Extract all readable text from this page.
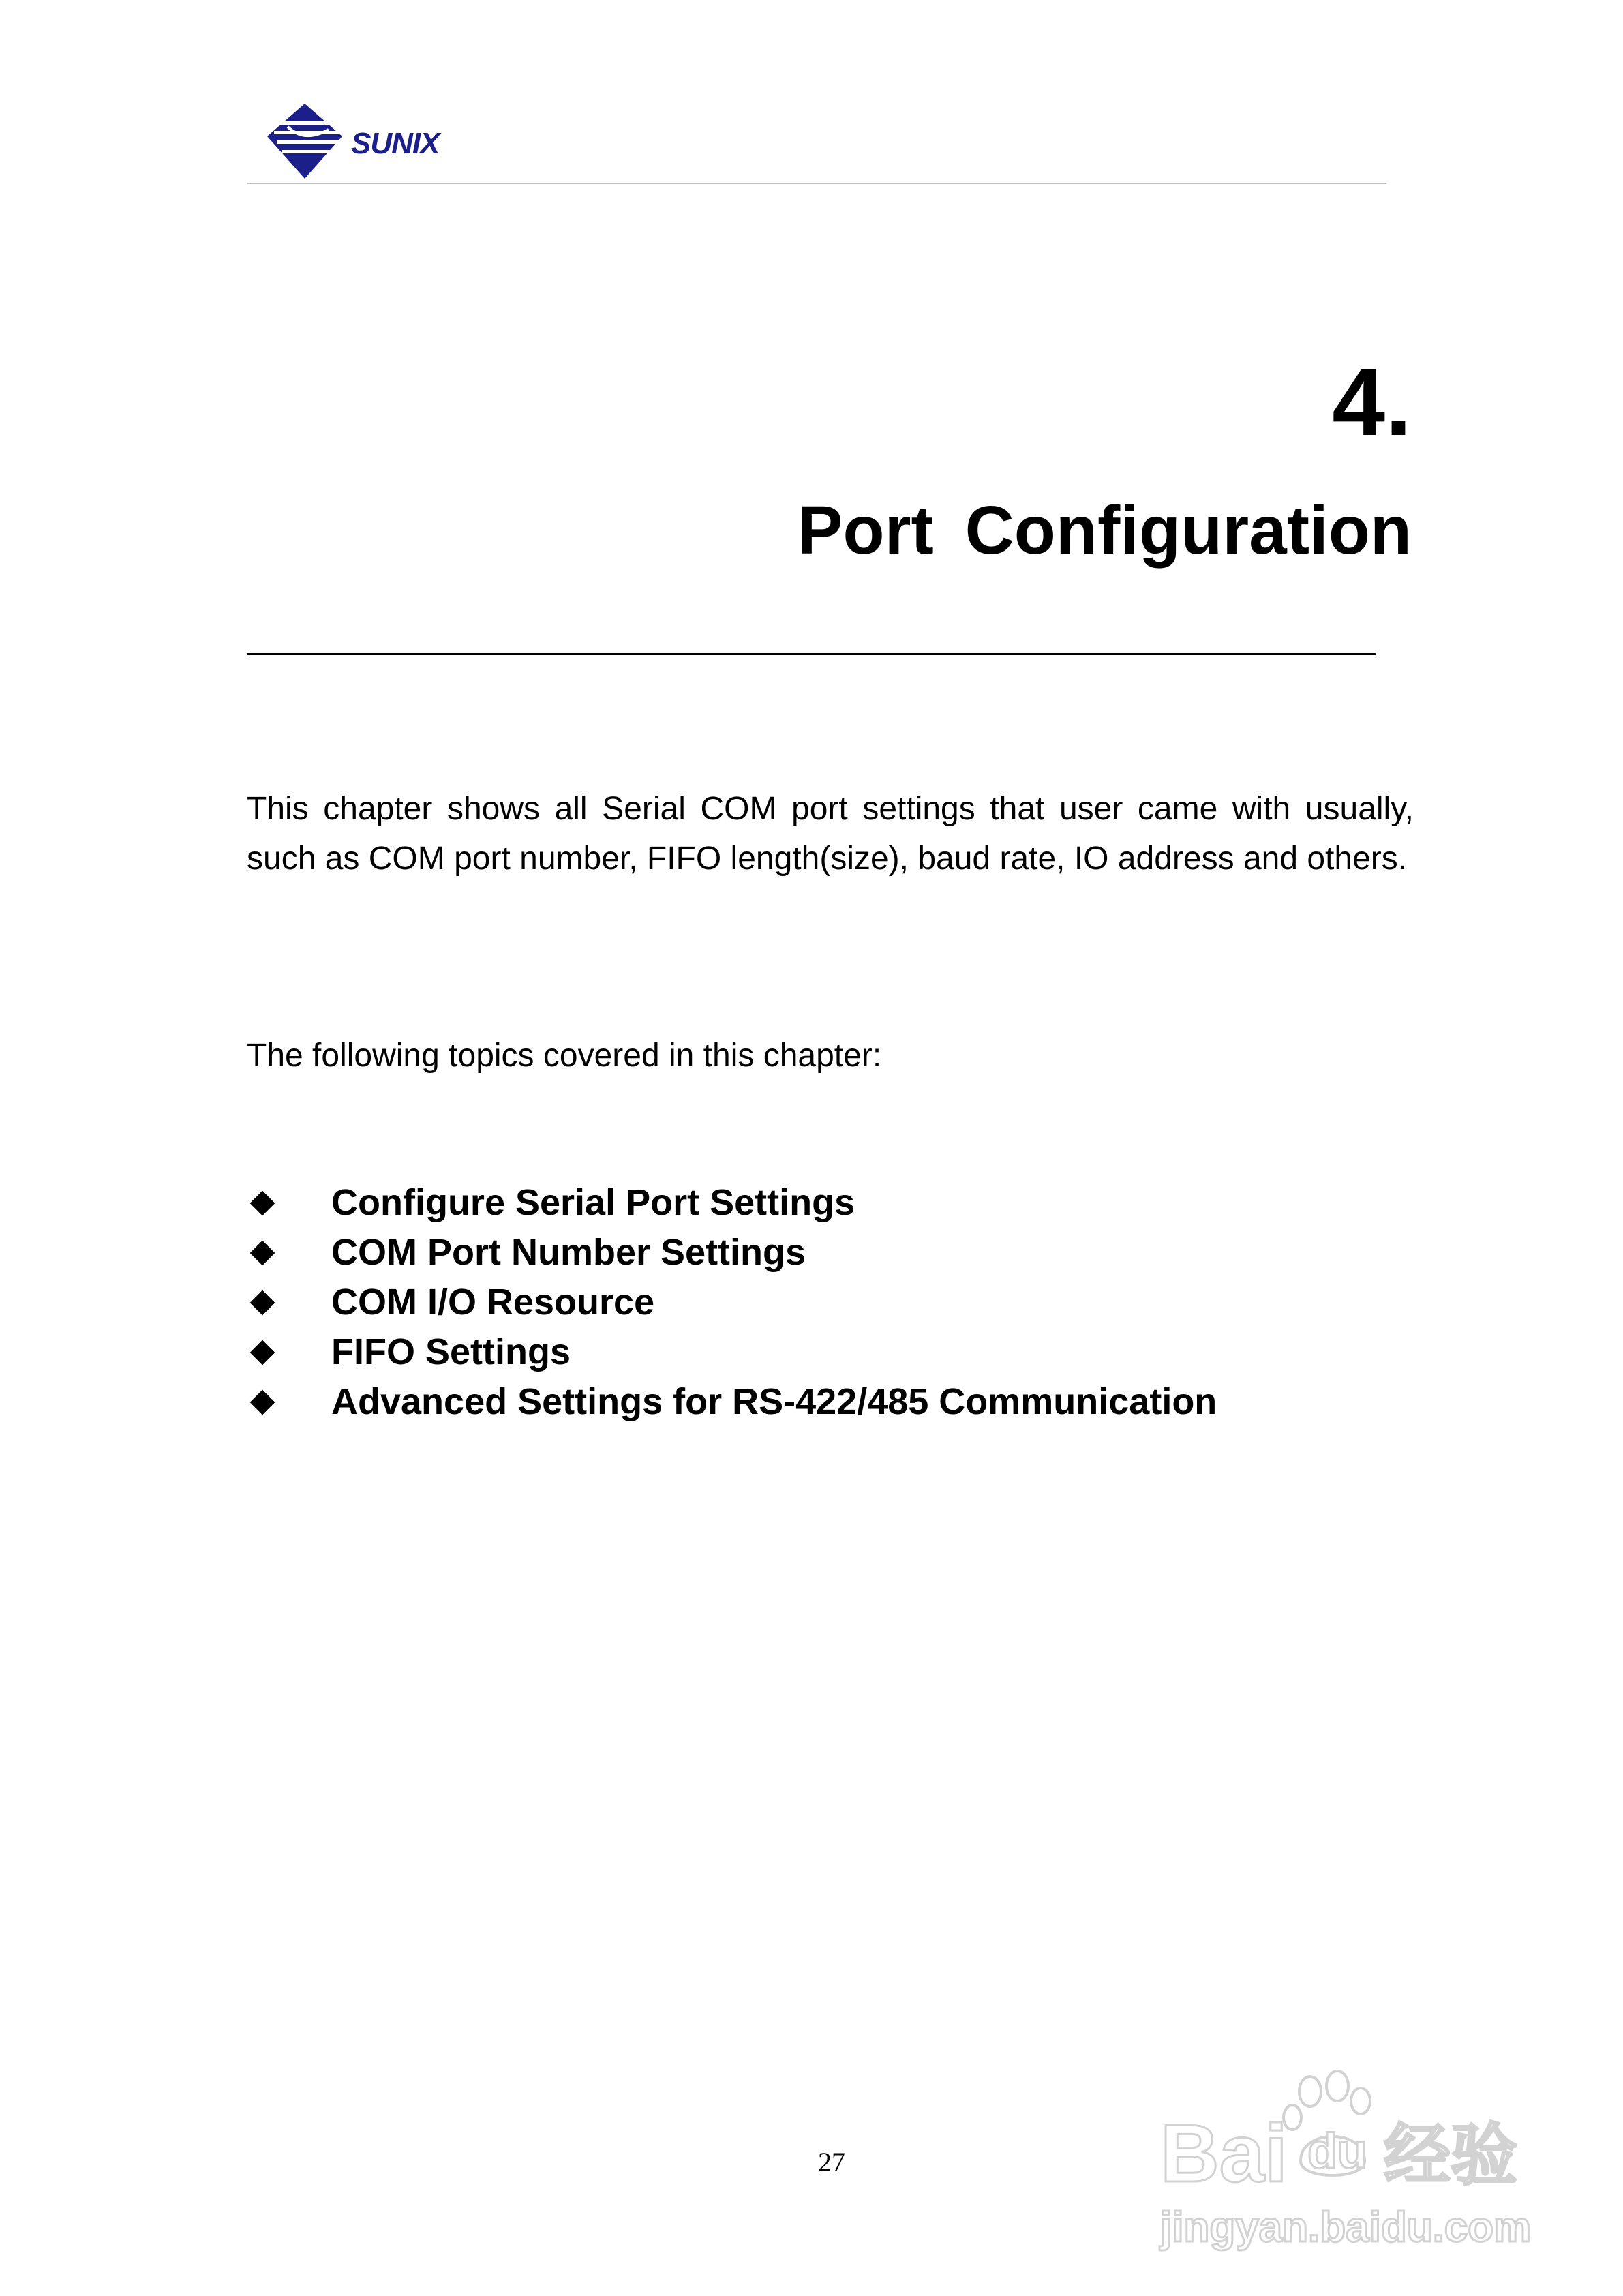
SUNIX
4.
Port Configuration

This chapter shows all Serial COM port settings that user came with usually, such as COM port number, FIFO length(size), baud rate, IO address and others.

The following topics covered in this chapter:
Configure Serial Port Settings
COM Port Number Settings
COM I/O Resource
FIFO Settings
Advanced Settings for RS-422/485 Communication
27	Bai du 经验
jingyan.baidu.com
